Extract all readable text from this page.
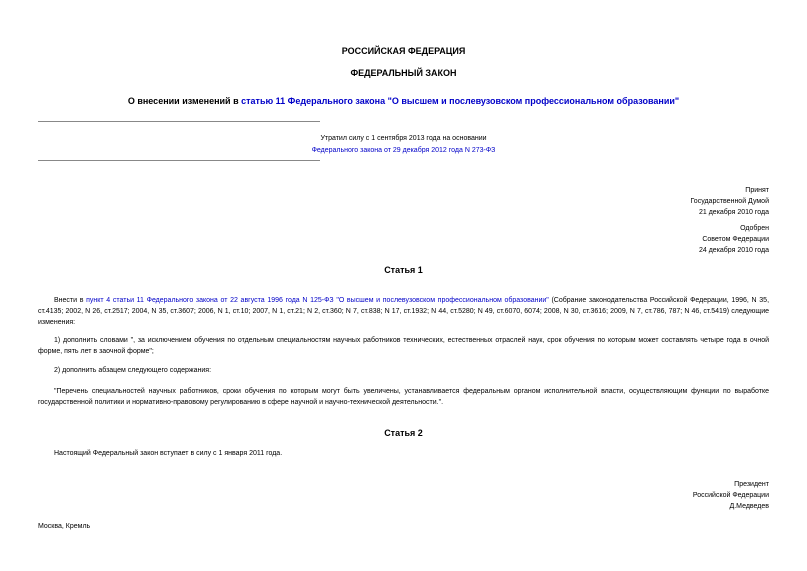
РОССИЙСКАЯ ФЕДЕРАЦИЯ
ФЕДЕРАЛЬНЫЙ ЗАКОН
О внесении изменений в статью 11 Федерального закона "О высшем и послевузовском профессиональном образовании"
Утратил силу с 1 сентября 2013 года на основании
Федерального закона от 29 декабря 2012 года N 273-ФЗ
Принят
Государственной Думой
21 декабря 2010 года
Одобрен
Советом Федерации
24 декабря 2010 года
Статья 1
Внести в пункт 4 статьи 11 Федерального закона от 22 августа 1996 года N 125-ФЗ "О высшем и послевузовском профессиональном образовании" (Собрание законодательства Российской Федерации, 1996, N 35, ст.4135; 2002, N 26, ст.2517; 2004, N 35, ст.3607; 2006, N 1, ст.10; 2007, N 1, ст.21; N 2, ст.360; N 7, ст.838; N 17, ст.1932; N 44, ст.5280; N 49, ст.6070, 6074; 2008, N 30, ст.3616; 2009, N 7, ст.786, 787; N 46, ст.5419) следующие изменения:
1) дополнить словами ", за исключением обучения по отдельным специальностям научных работников технических, естественных отраслей наук, срок обучения по которым может составлять четыре года в очной форме, пять лет в заочной форме";
2) дополнить абзацем следующего содержания:
"Перечень специальностей научных работников, сроки обучения по которым могут быть увеличены, устанавливается федеральным органом исполнительной власти, осуществляющим функции по выработке государственной политики и нормативно-правовому регулированию в сфере научной и научно-технической деятельности.".
Статья 2
Настоящий Федеральный закон вступает в силу с 1 января 2011 года.
Президент
Российской Федерации
Д.Медведев
Москва, Кремль
